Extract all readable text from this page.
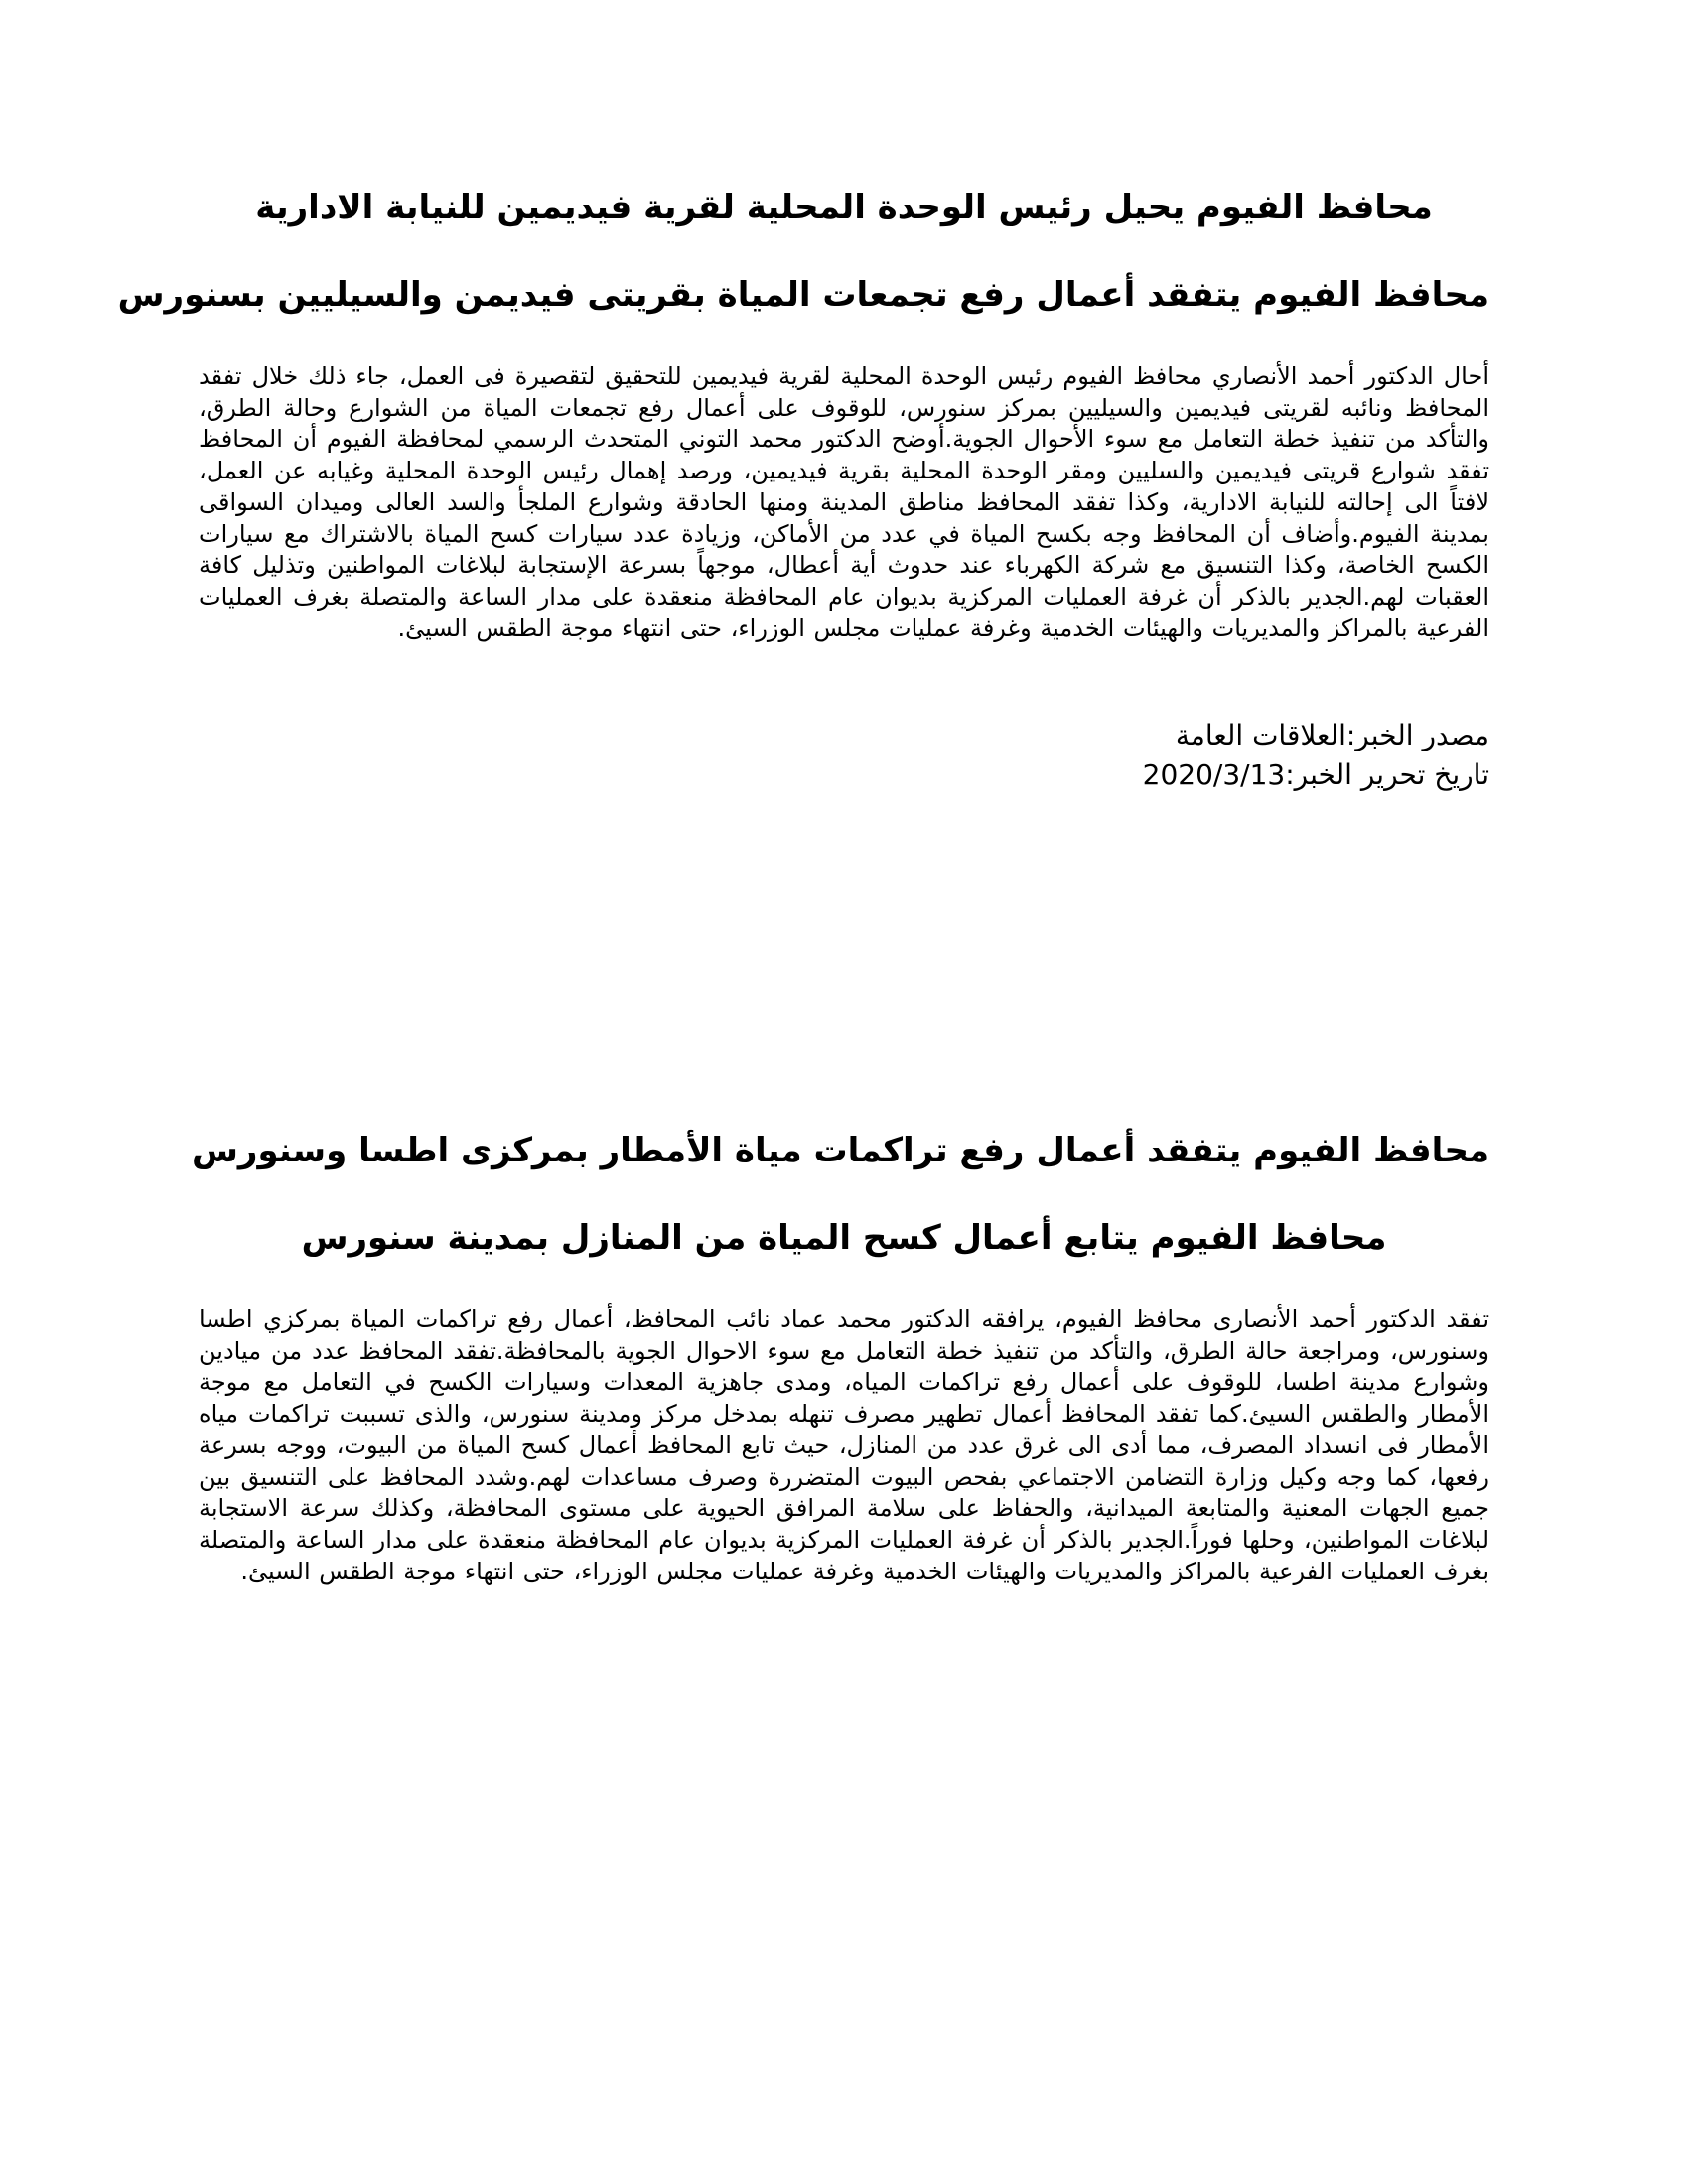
محافظ الفيوم يحيل رئيس الوحدة المحلية لقرية فيديمين للنيابة الادارية
محافظ الفيوم يتفقد أعمال رفع تجمعات المياة بقريتى فيديمن والسيليين بسنورس

أحال الدكتور أحمد الأنصاري محافظ الفيوم رئيس الوحدة المحلية لقرية فيديمين للتحقيق لتقصيرة فى العمل، جاء ذلك خلال تفقد المحافظ ونائبه لقريتى فيديمين والسيليين بمركز سنورس، للوقوف على أعمال رفع تجمعات المياة من الشوارع وحالة الطرق، والتأكد من تنفيذ خطة التعامل مع سوء الأحوال الجوية.أوضح الدكتور محمد التوني المتحدث الرسمي لمحافظة الفيوم أن المحافظ تفقد شوارع قريتى فيديمين والسليين ومقر الوحدة المحلية بقرية فيديمين، ورصد إهمال رئيس الوحدة المحلية وغيابه عن العمل، لافتاً الى إحالته للنيابة الادارية، وكذا تفقد المحافظ مناطق المدينة ومنها الحادقة وشوارع الملجأ والسد العالى وميدان السواقى بمدينة الفيوم.وأضاف أن المحافظ وجه بكسح المياة في عدد من الأماكن، وزيادة عدد سيارات كسح المياة بالاشتراك مع سيارات الكسح الخاصة، وكذا التنسيق مع شركة الكهرباء عند حدوث أية أعطال، موجهاً بسرعة الإستجابة لبلاغات المواطنين وتذليل كافة العقبات لهم.الجدير بالذكر أن غرفة العمليات المركزية بديوان عام المحافظة منعقدة على مدار الساعة والمتصلة بغرف العمليات الفرعية بالمراكز والمديريات والهيئات الخدمية وغرفة عمليات مجلس الوزراء، حتى انتهاء موجة الطقس السيئ.

مصدر الخبر:العلاقات العامة
تاريخ تحرير الخبر:2020/3/13
محافظ الفيوم يتفقد أعمال رفع تراكمات مياة الأمطار بمركزى اطسا وسنورس
محافظ الفيوم يتابع أعمال كسح المياة من المنازل بمدينة سنورس

تفقد الدكتور أحمد الأنصارى محافظ الفيوم، يرافقه الدكتور محمد عماد نائب المحافظ، أعمال رفع تراكمات المياة بمركزي اطسا وسنورس، ومراجعة حالة الطرق، والتأكد من تنفيذ خطة التعامل مع سوء الاحوال الجوية بالمحافظة.تفقد المحافظ عدد من ميادين وشوارع مدينة اطسا، للوقوف على أعمال رفع تراكمات المياه، ومدى جاهزية المعدات وسيارات الكسح في التعامل مع موجة الأمطار والطقس السيئ.كما تفقد المحافظ أعمال تطهير مصرف تنهله بمدخل مركز ومدينة سنورس، والذى تسببت تراكمات مياه الأمطار فى انسداد المصرف، مما أدى الى غرق عدد من المنازل، حيث تابع المحافظ أعمال كسح المياة من البيوت، ووجه بسرعة رفعها، كما وجه وكيل وزارة التضامن الاجتماعي بفحص البيوت المتضررة وصرف مساعدات لهم.وشدد المحافظ على التنسيق بين جميع الجهات المعنية والمتابعة الميدانية، والحفاظ على سلامة المرافق الحيوية على مستوى المحافظة، وكذلك سرعة الاستجابة لبلاغات المواطنين، وحلها فوراً.الجدير بالذكر أن غرفة العمليات المركزية بديوان عام المحافظة منعقدة على مدار الساعة والمتصلة بغرف العمليات الفرعية بالمراكز والمديريات والهيئات الخدمية وغرفة عمليات مجلس الوزراء، حتى انتهاء موجة الطقس السيئ.
